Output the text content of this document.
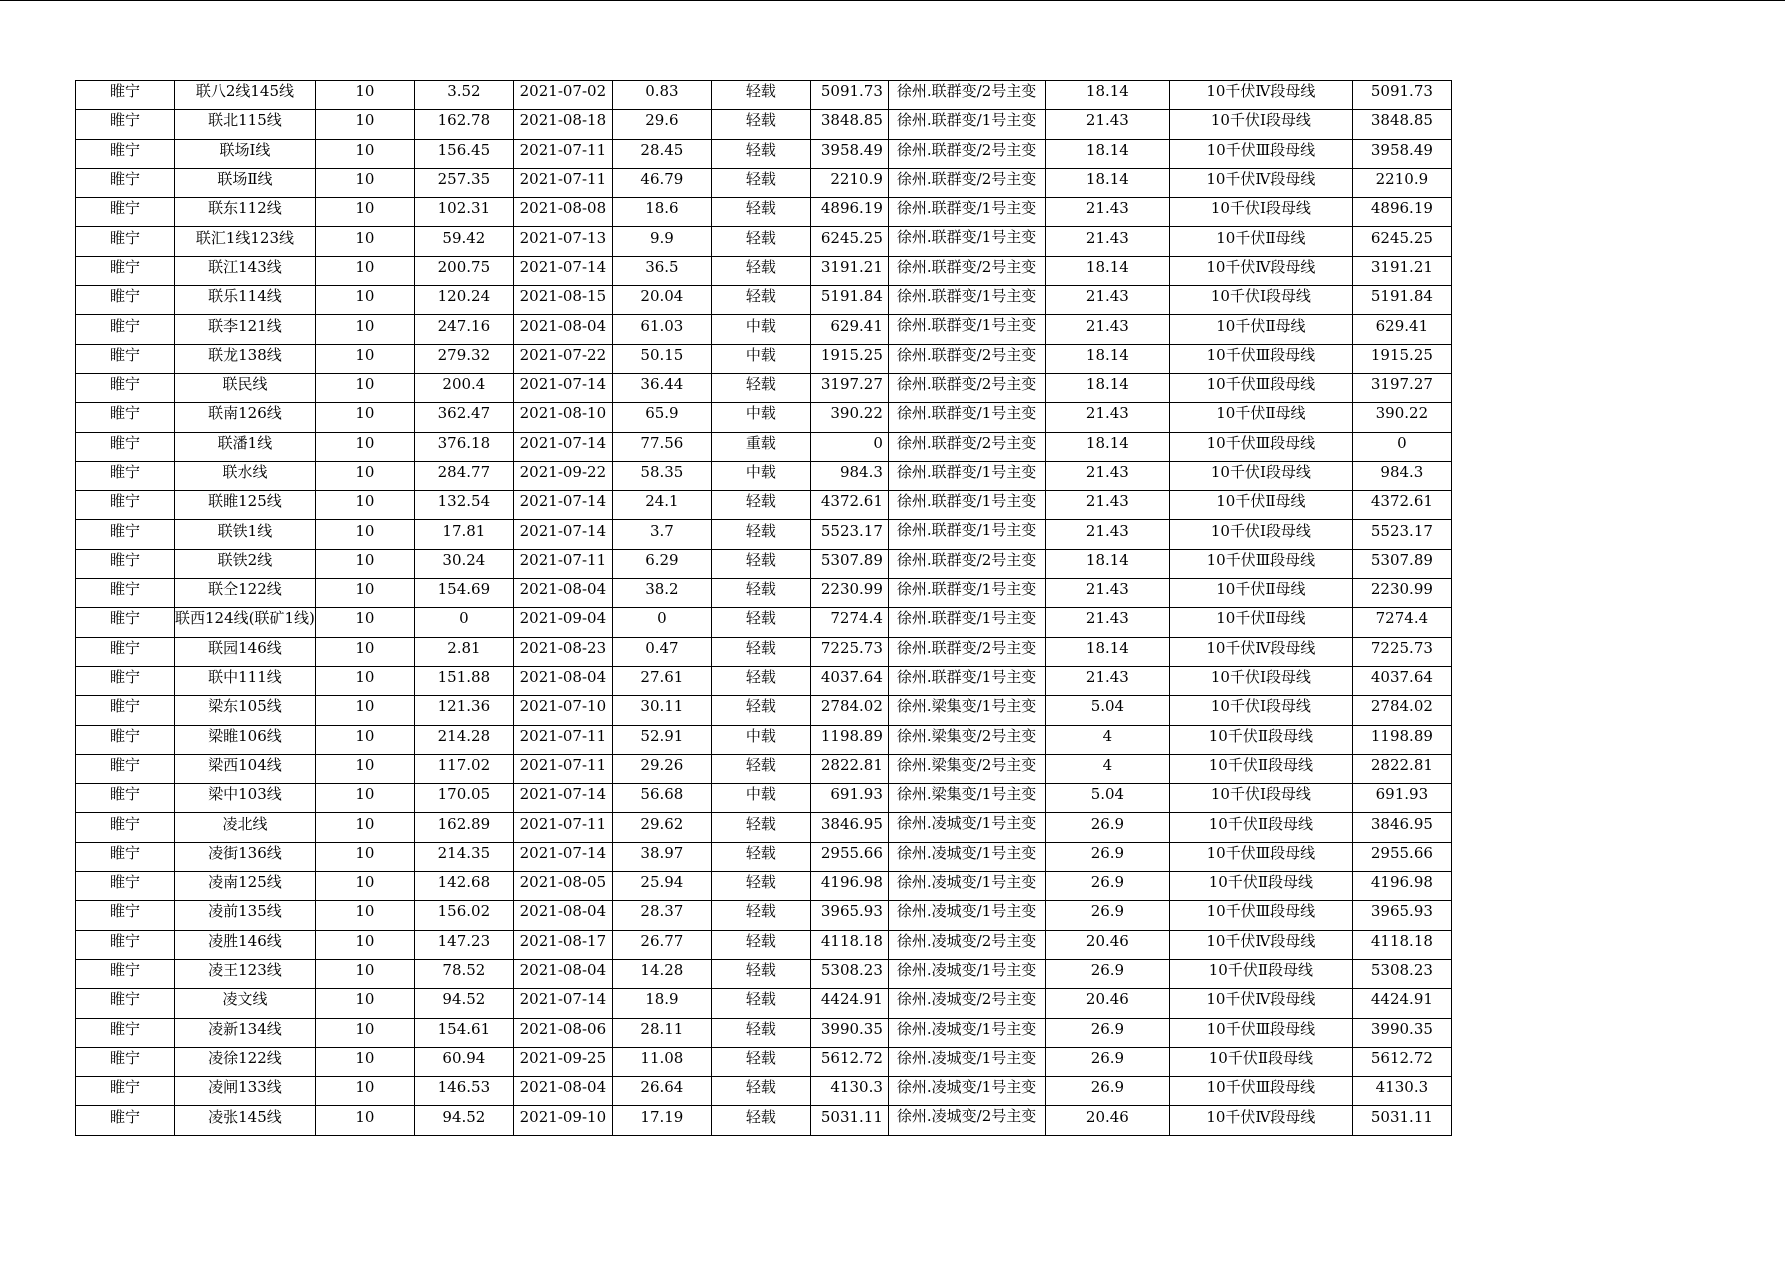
睢宁	联八2线145线	10	3.52	2021-07-02	0.83	轻载	5091.73	徐州.联群变/2号主变	18.14	10千伏Ⅳ段母线	5091.73

睢宁	联北115线	10	162.78	2021-08-18	29.6	轻载	3848.85	徐州.联群变/1号主变	21.43	10千伏Ⅰ段母线	3848.85

睢宁	联场Ⅰ线	10	156.45	2021-07-11	28.45	轻载	3958.49	徐州.联群变/2号主变	18.14	10千伏Ⅲ段母线	3958.49

睢宁	联场Ⅱ线	10	257.35	2021-07-11	46.79	轻载	2210.9	徐州.联群变/2号主变	18.14	10千伏Ⅳ段母线	2210.9

睢宁	联东112线	10	102.31	2021-08-08	18.6	轻载	4896.19	徐州.联群变/1号主变	21.43	10千伏Ⅰ段母线	4896.19

睢宁	联汇1线123线	10	59.42	2021-07-13	9.9	轻载	6245.25	徐州.联群变/1号主变	21.43	10千伏Ⅱ母线	6245.25

睢宁	联江143线	10	200.75	2021-07-14	36.5	轻载	3191.21	徐州.联群变/2号主变	18.14	10千伏Ⅳ段母线	3191.21

睢宁	联乐114线	10	120.24	2021-08-15	20.04	轻载	5191.84	徐州.联群变/1号主变	21.43	10千伏Ⅰ段母线	5191.84

睢宁	联李121线	10	247.16	2021-08-04	61.03	中载	629.41	徐州.联群变/1号主变	21.43	10千伏Ⅱ母线	629.41

睢宁	联龙138线	10	279.32	2021-07-22	50.15	中载	1915.25	徐州.联群变/2号主变	18.14	10千伏Ⅲ段母线	1915.25

睢宁	联民线	10	200.4	2021-07-14	36.44	轻载	3197.27	徐州.联群变/2号主变	18.14	10千伏Ⅲ段母线	3197.27

睢宁	联南126线	10	362.47	2021-08-10	65.9	中载	390.22	徐州.联群变/1号主变	21.43	10千伏Ⅱ母线	390.22

睢宁	联潘1线	10	376.18	2021-07-14	77.56	重载	0	徐州.联群变/2号主变	18.14	10千伏Ⅲ段母线	0

睢宁	联水线	10	284.77	2021-09-22	58.35	中载	984.3	徐州.联群变/1号主变	21.43	10千伏Ⅰ段母线	984.3

睢宁	联睢125线	10	132.54	2021-07-14	24.1	轻载	4372.61	徐州.联群变/1号主变	21.43	10千伏Ⅱ母线	4372.61

睢宁	联铁1线	10	17.81	2021-07-14	3.7	轻载	5523.17	徐州.联群变/1号主变	21.43	10千伏Ⅰ段母线	5523.17

睢宁	联铁2线	10	30.24	2021-07-11	6.29	轻载	5307.89	徐州.联群变/2号主变	18.14	10千伏Ⅲ段母线	5307.89

睢宁	联仝122线	10	154.69	2021-08-04	38.2	轻载	2230.99	徐州.联群变/1号主变	21.43	10千伏Ⅱ母线	2230.99

睢宁	联西124线(联矿1线)	10	0	2021-09-04	0	轻载	7274.4	徐州.联群变/1号主变	21.43	10千伏Ⅱ母线	7274.4

睢宁	联园146线	10	2.81	2021-08-23	0.47	轻载	7225.73	徐州.联群变/2号主变	18.14	10千伏Ⅳ段母线	7225.73

睢宁	联中111线	10	151.88	2021-08-04	27.61	轻载	4037.64	徐州.联群变/1号主变	21.43	10千伏Ⅰ段母线	4037.64

睢宁	梁东105线	10	121.36	2021-07-10	30.11	轻载	2784.02	徐州.梁集变/1号主变	5.04	10千伏Ⅰ段母线	2784.02

睢宁	梁睢106线	10	214.28	2021-07-11	52.91	中载	1198.89	徐州.梁集变/2号主变	4	10千伏Ⅱ段母线	1198.89

睢宁	梁西104线	10	117.02	2021-07-11	29.26	轻载	2822.81	徐州.梁集变/2号主变	4	10千伏Ⅱ段母线	2822.81

睢宁	梁中103线	10	170.05	2021-07-14	56.68	中载	691.93	徐州.梁集变/1号主变	5.04	10千伏Ⅰ段母线	691.93

睢宁	凌北线	10	162.89	2021-07-11	29.62	轻载	3846.95	徐州.凌城变/1号主变	26.9	10千伏Ⅱ段母线	3846.95

睢宁	凌街136线	10	214.35	2021-07-14	38.97	轻载	2955.66	徐州.凌城变/1号主变	26.9	10千伏Ⅲ段母线	2955.66

睢宁	凌南125线	10	142.68	2021-08-05	25.94	轻载	4196.98	徐州.凌城变/1号主变	26.9	10千伏Ⅱ段母线	4196.98

睢宁	凌前135线	10	156.02	2021-08-04	28.37	轻载	3965.93	徐州.凌城变/1号主变	26.9	10千伏Ⅲ段母线	3965.93

睢宁	凌胜146线	10	147.23	2021-08-17	26.77	轻载	4118.18	徐州.凌城变/2号主变	20.46	10千伏Ⅳ段母线	4118.18

睢宁	凌王123线	10	78.52	2021-08-04	14.28	轻载	5308.23	徐州.凌城变/1号主变	26.9	10千伏Ⅱ段母线	5308.23

睢宁	凌文线	10	94.52	2021-07-14	18.9	轻载	4424.91	徐州.凌城变/2号主变	20.46	10千伏Ⅳ段母线	4424.91

睢宁	凌新134线	10	154.61	2021-08-06	28.11	轻载	3990.35	徐州.凌城变/1号主变	26.9	10千伏Ⅲ段母线	3990.35

睢宁	凌徐122线	10	60.94	2021-09-25	11.08	轻载	5612.72	徐州.凌城变/1号主变	26.9	10千伏Ⅱ段母线	5612.72

睢宁	凌闸133线	10	146.53	2021-08-04	26.64	轻载	4130.3	徐州.凌城变/1号主变	26.9	10千伏Ⅲ段母线	4130.3

睢宁	凌张145线	10	94.52	2021-09-10	17.19	轻载	5031.11	徐州.凌城变/2号主变	20.46	10千伏Ⅳ段母线	5031.11
